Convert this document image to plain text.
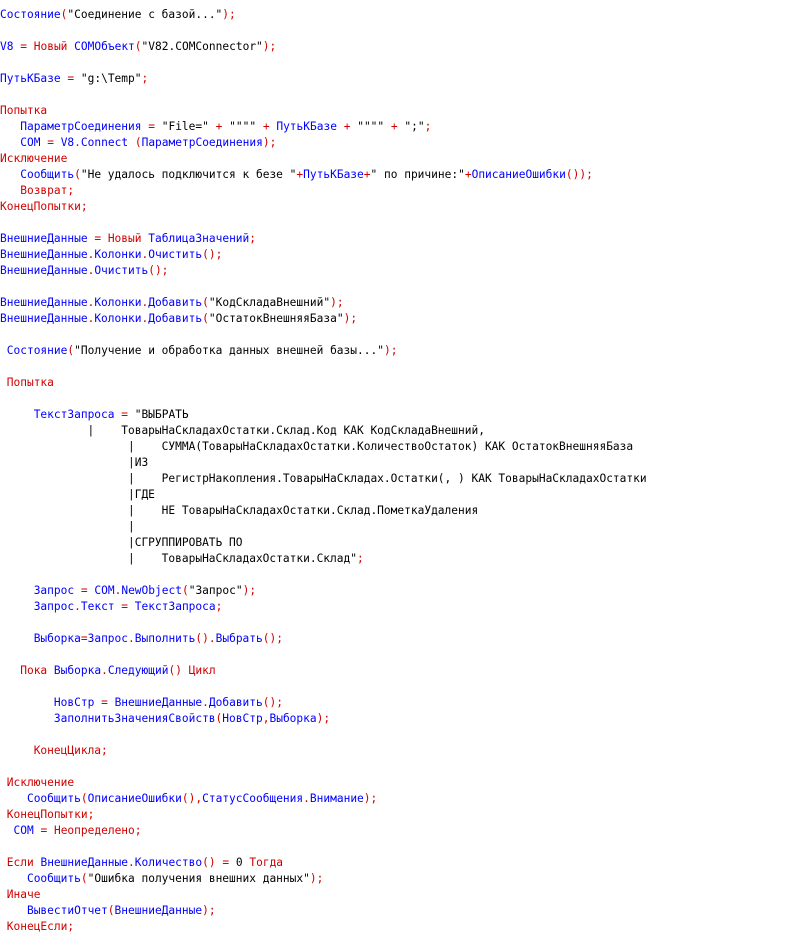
Состояние("Соединение с базой...");
V8 = Новый COMОбъект("V82.COMConnector");
ПутьКБазе = "g:\Temp";
Попытка
ПараметрСоединения = "File=" + """" + ПутьКБазе + """" + ";";
COM = V8.Connect (ПараметрСоединения);
Исключение
Сообщить("Не удалось подключится к безе "+ПутьКБазе+" по причине:"+ОписаниеОшибки());
Возврат;
КонецПопытки;
ВнешниеДанные = Новый ТаблицаЗначений;
ВнешниеДанные.Колонки.Очистить();
ВнешниеДанные.Очистить();
ВнешниеДанные.Колонки.Добавить("КодСкладаВнешний");
ВнешниеДанные.Колонки.Добавить("ОстатокВнешняяБаза");
Состояние("Получение и обработка данных внешней базы...");
Попытка
ТекстЗапроса = "ВЫБРАТЬ
|    ТоварыНаСкладахОстатки.Склад.Код КАК КодСкладаВнешний,
|    СУММА(ТоварыНаСкладахОстатки.КоличествоОстаток) КАК ОстатокВнешняяБаза
|ИЗ
|    РегистрНакопления.ТоварыНаСкладах.Остатки(, ) КАК ТоварыНаСкладахОстатки
|ГДЕ
|    НЕ ТоварыНаСкладахОстатки.Склад.ПометкаУдаления
|
|СГРУППИРОВАТЬ ПО
|    ТоварыНаСкладахОстатки.Склад";
Запрос = COM.NewObject("Запрос");
Запрос.Текст = ТекстЗапроса;
Выборка=Запрос.Выполнить().Выбрать();
Пока Выборка.Следующий() Цикл
НовСтр = ВнешниеДанные.Добавить();
ЗаполнитьЗначенияСвойств(НовСтр,Выборка);
КонецЦикла;
Исключение
Сообщить(ОписаниеОшибки(),СтатусСообщения.Внимание);
КонецПопытки;
COM = Неопределено;
Если ВнешниеДанные.Количество() = 0 Тогда
Сообщить("Ошибка получения внешних данных");
Иначе
ВывестиОтчет(ВнешниеДанные);
КонецЕсли;
